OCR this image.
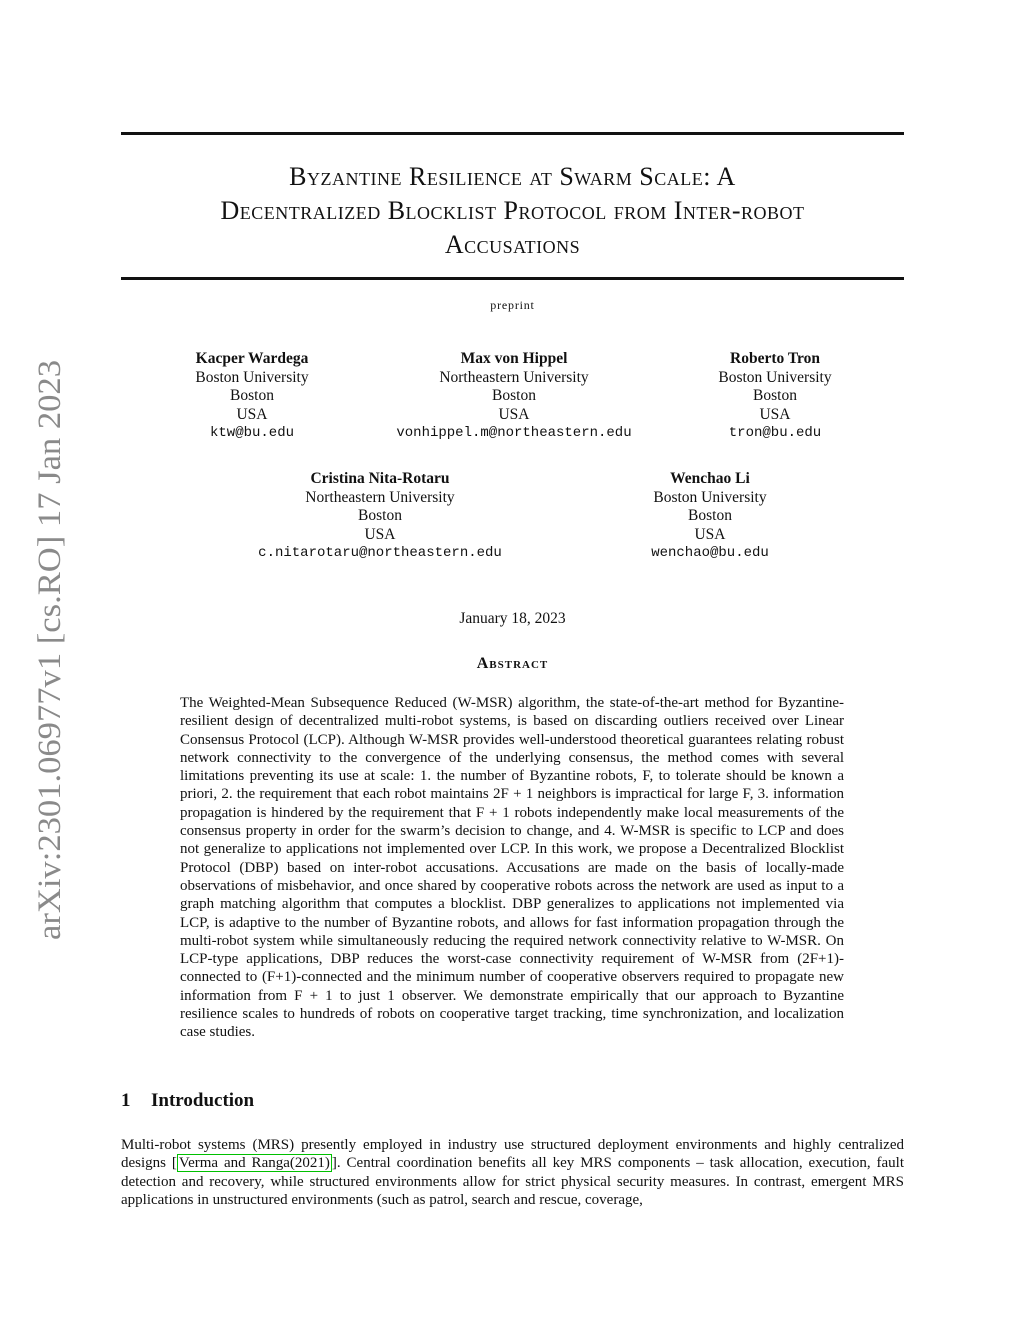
arXiv:2301.06977v1 [cs.RO] 17 Jan 2023
Byzantine Resilience at Swarm Scale: A
Decentralized Blocklist Protocol from Inter-robot
Accusations
preprint
Kacper Wardega
Boston University
Boston
USA
ktw@bu.edu
Max von Hippel
Northeastern University
Boston
USA
vonhippel.m@northeastern.edu
Roberto Tron
Boston University
Boston
USA
tron@bu.edu
Cristina Nita-Rotaru
Northeastern University
Boston
USA
c.nitarotaru@northeastern.edu
Wenchao Li
Boston University
Boston
USA
wenchao@bu.edu
January 18, 2023
Abstract
The Weighted-Mean Subsequence Reduced (W-MSR) algorithm, the state-of-the-art method for Byzantine-resilient design of decentralized multi-robot systems, is based on discarding outliers received over Linear Consensus Protocol (LCP). Although W-MSR provides well-understood theoretical guarantees relating robust network connectivity to the convergence of the underlying consensus, the method comes with several limitations preventing its use at scale: 1. the number of Byzantine robots, F, to tolerate should be known a priori, 2. the requirement that each robot maintains 2F + 1 neighbors is impractical for large F, 3. information propagation is hindered by the requirement that F + 1 robots independently make local measurements of the consensus property in order for the swarm’s decision to change, and 4. W-MSR is specific to LCP and does not generalize to applications not implemented over LCP. In this work, we propose a Decentralized Blocklist Protocol (DBP) based on inter-robot accusations. Accusations are made on the basis of locally-made observations of misbehavior, and once shared by cooperative robots across the network are used as input to a graph matching algorithm that computes a blocklist. DBP generalizes to applications not implemented via LCP, is adaptive to the number of Byzantine robots, and allows for fast information propagation through the multi-robot system while simultaneously reducing the required network connectivity relative to W-MSR. On LCP-type applications, DBP reduces the worst-case connectivity requirement of W-MSR from (2F+1)-connected to (F+1)-connected and the minimum number of cooperative observers required to propagate new information from F + 1 to just 1 observer. We demonstrate empirically that our approach to Byzantine resilience scales to hundreds of robots on cooperative target tracking, time synchronization, and localization case studies.
1 Introduction
Multi-robot systems (MRS) presently employed in industry use structured deployment environments and highly centralized designs [ Verma and Ranga(2021) ]. Central coordination benefits all key MRS components – task allocation, execution, fault detection and recovery, while structured environments allow for strict physical security measures. In contrast, emergent MRS applications in unstructured environments (such as patrol, search and rescue, coverage,
